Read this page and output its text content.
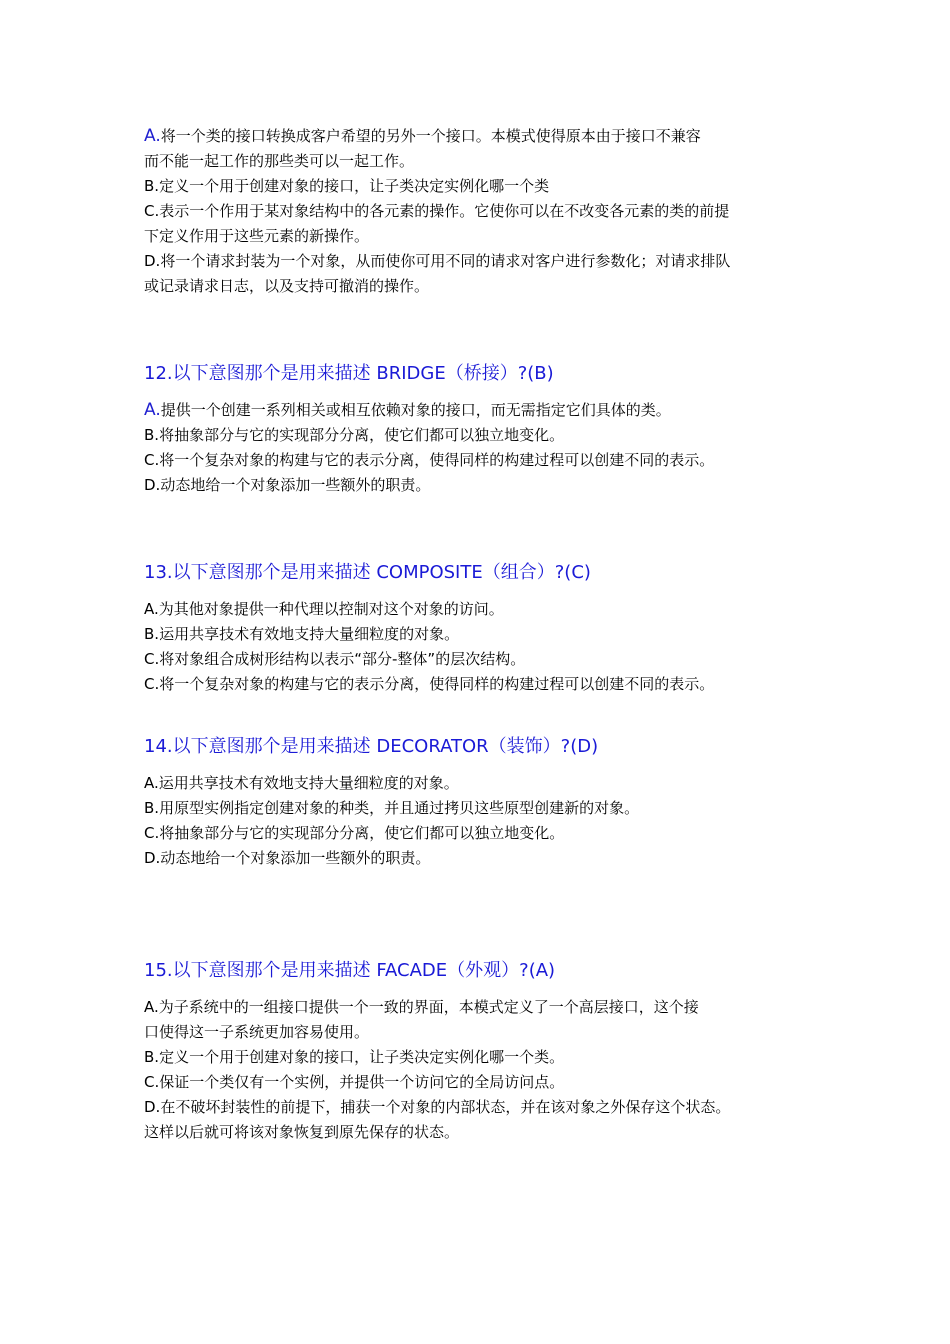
A.将一个类的接口转换成客户希望的另外一个接口。本模式使得原本由于接口不兼容

而不能一起工作的那些类可以一起工作。

B.定义一个用于创建对象的接口，让子类决定实例化哪一个类

C.表示一个作用于某对象结构中的各元素的操作。它使你可以在不改变各元素的类的前提

下定义作用于这些元素的新操作。

D.将一个请求封装为一个对象，从而使你可用不同的请求对客户进行参数化；对请求排队

或记录请求日志，以及支持可撤消的操作。

12.以下意图那个是用来描述 BRIDGE（桥接）?(B)

A.提供一个创建一系列相关或相互依赖对象的接口，而无需指定它们具体的类。

B.将抽象部分与它的实现部分分离，使它们都可以独立地变化。

C.将一个复杂对象的构建与它的表示分离，使得同样的构建过程可以创建不同的表示。

D.动态地给一个对象添加一些额外的职责。

13.以下意图那个是用来描述 COMPOSITE（组合）?(C)

A.为其他对象提供一种代理以控制对这个对象的访问。

B.运用共享技术有效地支持大量细粒度的对象。

C.将对象组合成树形结构以表示“部分-整体”的层次结构。

C.将一个复杂对象的构建与它的表示分离，使得同样的构建过程可以创建不同的表示。

14.以下意图那个是用来描述 DECORATOR（装饰）?(D)

A.运用共享技术有效地支持大量细粒度的对象。

B.用原型实例指定创建对象的种类，并且通过拷贝这些原型创建新的对象。

C.将抽象部分与它的实现部分分离，使它们都可以独立地变化。

D.动态地给一个对象添加一些额外的职责。

15.以下意图那个是用来描述 FACADE（外观）?(A)

A.为子系统中的一组接口提供一个一致的界面，本模式定义了一个高层接口，这个接

口使得这一子系统更加容易使用。

B.定义一个用于创建对象的接口，让子类决定实例化哪一个类。

C.保证一个类仅有一个实例，并提供一个访问它的全局访问点。

D.在不破坏封装性的前提下，捕获一个对象的内部状态，并在该对象之外保存这个状态。

这样以后就可将该对象恢复到原先保存的状态。
